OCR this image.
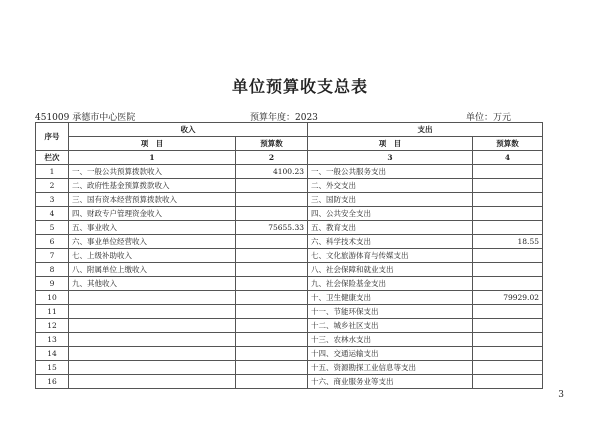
单位预算收支总表
451009 承德市中心医院	预算年度：2023	单位：万元
序号	收入		支出	
	项　目	预算数	项　目	预算数
栏次	1	2	3	4
1	一、一般公共预算拨款收入	4100.23	一、一般公共服务支出	
2	二、政府性基金预算拨款收入		二、外交支出	
3	三、国有资本经营预算拨款收入		三、国防支出	
4	四、财政专户管理资金收入		四、公共安全支出	
5	五、事业收入	75655.33	五、教育支出	
6	六、事业单位经营收入		六、科学技术支出	18.55
7	七、上级补助收入		七、文化旅游体育与传媒支出	
8	八、附属单位上缴收入		八、社会保障和就业支出	
9	九、其他收入		九、社会保险基金支出	
10			十、卫生健康支出	79929.02
11			十一、节能环保支出	
12			十二、城乡社区支出	
13			十三、农林水支出	
14			十四、交通运输支出	
15			十五、资源勘探工业信息等支出	
16			十六、商业服务业等支出	
3
